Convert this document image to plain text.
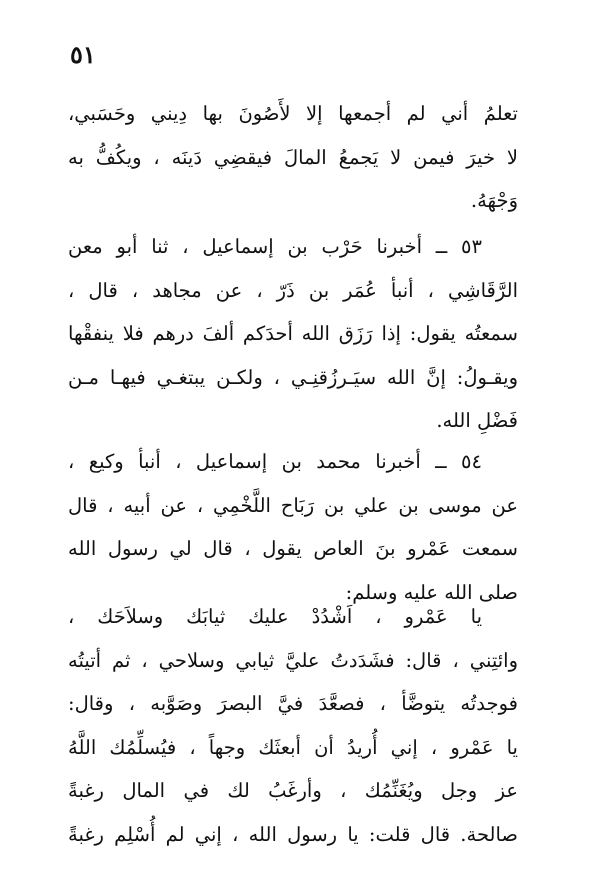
٥١
تعلمُ أني لم أجمعها إلا لأَصُونَ بها دِيني وحَسَبي،
لا خيرَ فيمن لا يَجمعُ المالَ فيقضِي دَينَه ، ويكُفُّ به
وَجْهَهُ.
٥٣ ــ أخبرنا حَرْب بن إسماعيل ، ثنا أبو معن
الرَّقَاشِي ، أنبأ عُمَر بن ذَرّ ، عن مجاهد ، قال ،
سمعتُه يقول: إذا رَزَق الله أحدَكم ألفَ درهم فلا ينفقْها
ويقـولُ: إنَّ الله سيَـرزُقنِـي ، ولكـن يبتغـي فيهـا مـن
فَضْلِ الله.
٥٤ ــ أخبرنا محمد بن إسماعيل ، أنبأ وكيع ،
عن موسى بن علي بن رَبَاح اللَّخْمِي ، عن أبيه ، قال
سمعت عَمْرو بنَ العاص يقول ، قال لي رسول الله
صلى الله عليه وسلم:
يا عَمْرو ، اَشْدُدْ عليك ثيابَك وسلاَحَك ،
وائتِني ، قال: فشَدَدتُ عليَّ ثيابي وسلاحي ، ثم أتيتُه
فوجدتُه يتوضَّأ ، فصعَّدَ فيَّ البصرَ وصَوَّبه ، وقال:
يا عَمْرو ، إني أُريدُ أن أبعثَك وجهاً ، فيُسلِّمُك اللَّهُ
عز وجل ويُغَنِّمُك ، وأرغَبُ لك في المال رغبةً
صالحة. قال قلت: يا رسول الله ، إني لم أُسْلِم رغبةً
